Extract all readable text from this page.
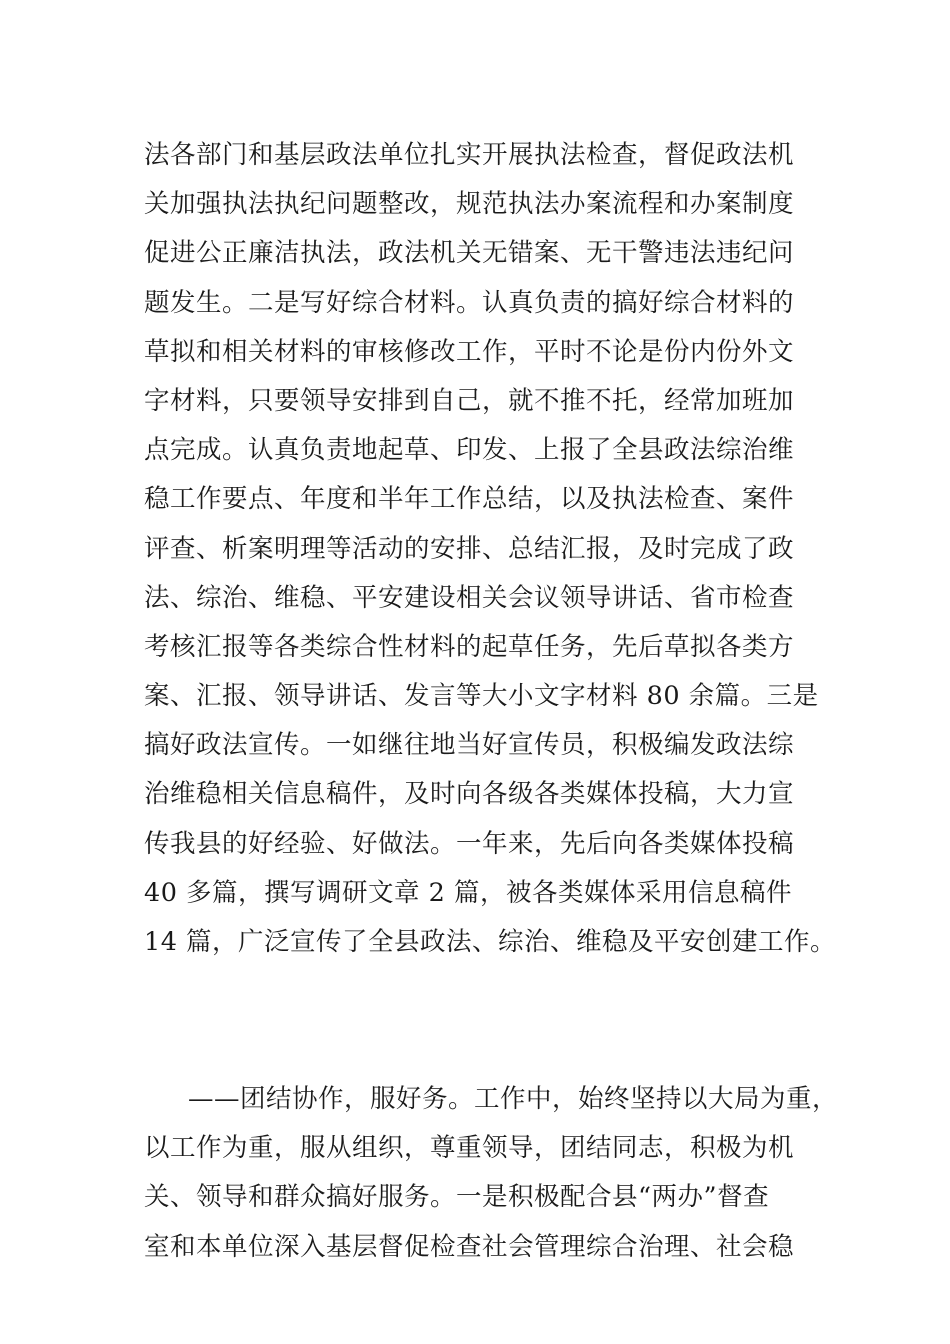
法各部门和基层政法单位扎实开展执法检查，督促政法机
关加强执法执纪问题整改，规范执法办案流程和办案制度
促进公正廉洁执法，政法机关无错案、无干警违法违纪问
题发生。二是写好综合材料。认真负责的搞好综合材料的
草拟和相关材料的审核修改工作，平时不论是份内份外文
字材料，只要领导安排到自己，就不推不托，经常加班加
点完成。认真负责地起草、印发、上报了全县政法综治维
稳工作要点、年度和半年工作总结，以及执法检查、案件
评查、析案明理等活动的安排、总结汇报，及时完成了政
法、综治、维稳、平安建设相关会议领导讲话、省市检查
考核汇报等各类综合性材料的起草任务，先后草拟各类方
案、汇报、领导讲话、发言等大小文字材料 80 余篇。三是
搞好政法宣传。一如继往地当好宣传员，积极编发政法综
治维稳相关信息稿件，及时向各级各类媒体投稿，大力宣
传我县的好经验、好做法。一年来，先后向各类媒体投稿
40 多篇，撰写调研文章 2 篇，被各类媒体采用信息稿件
14 篇，广泛宣传了全县政法、综治、维稳及平安创建工作。
——团结协作，服好务。工作中，始终坚持以大局为重，
以工作为重，服从组织，尊重领导，团结同志，积极为机
关、领导和群众搞好服务。一是积极配合县“两办”督查
室和本单位深入基层督促检查社会管理综合治理、社会稳
